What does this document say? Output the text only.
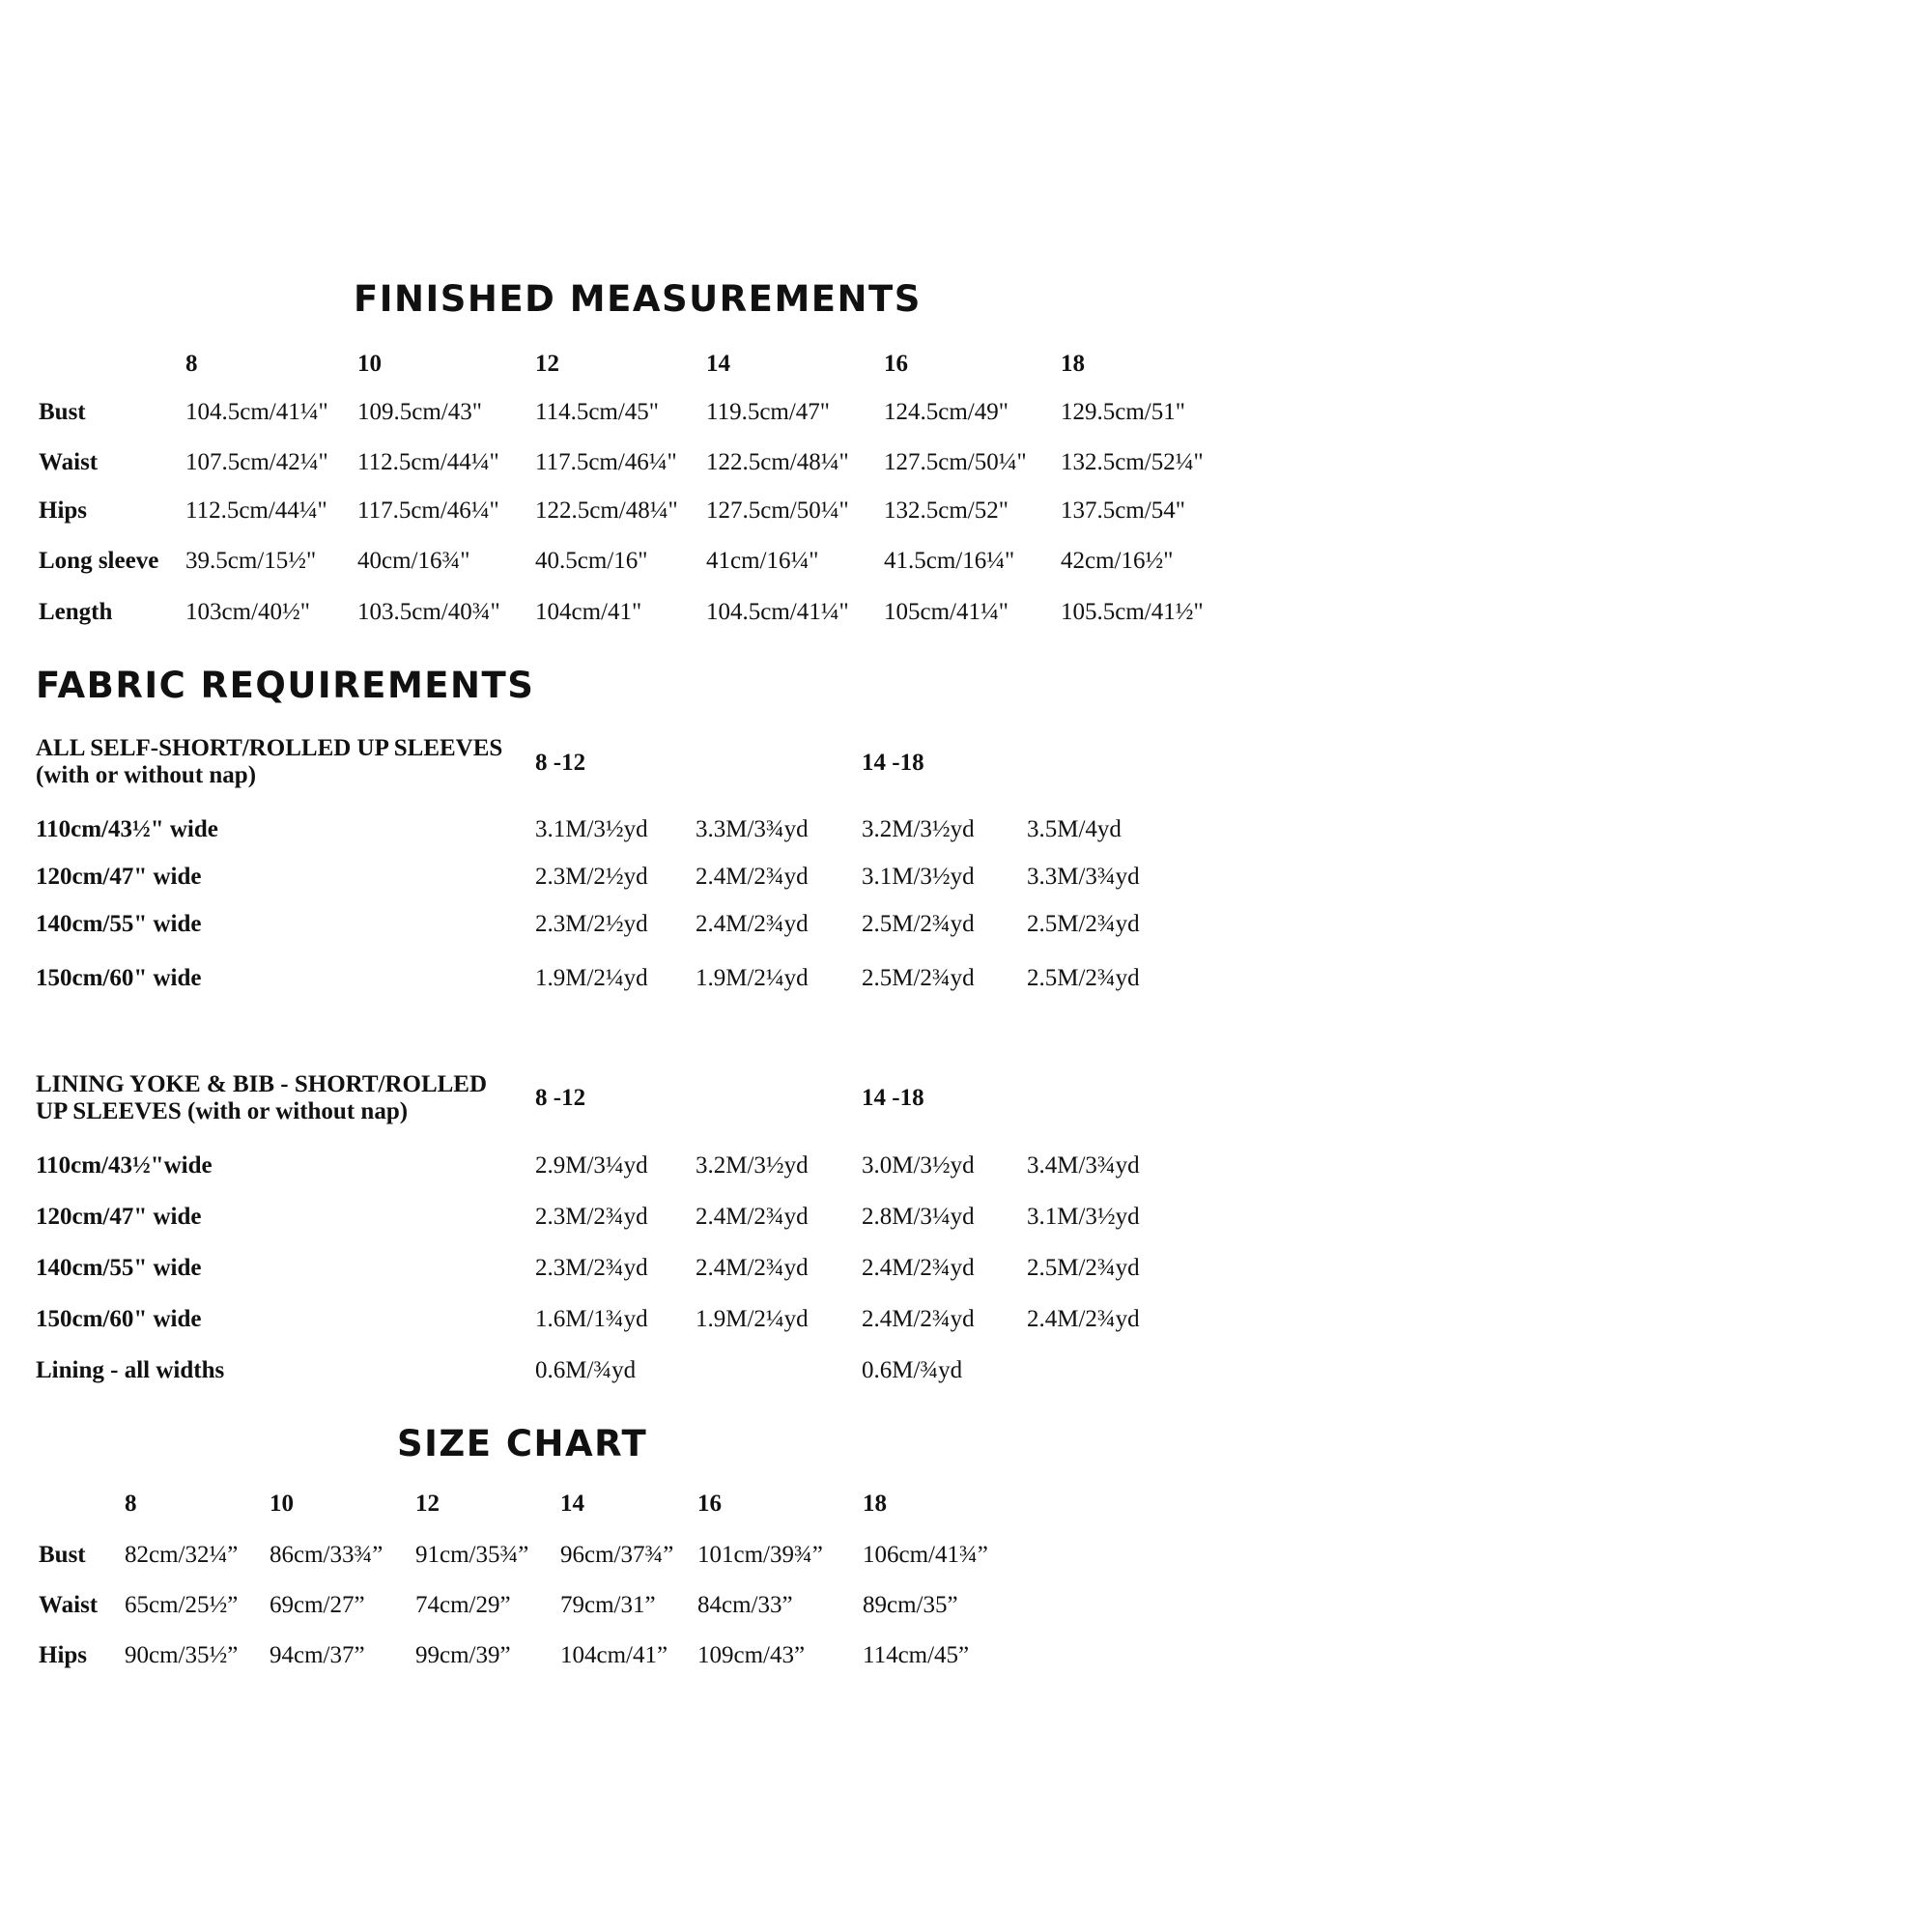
FINISHED MEASUREMENTS
8	10	12	14	16	18
Bust	104.5cm/41¼" 109.5cm/43" 114.5cm/45" 119.5cm/47" 124.5cm/49" 129.5cm/51"
Waist	107.5cm/42¼" 112.5cm/44¼" 117.5cm/46¼" 122.5cm/48¼" 127.5cm/50¼" 132.5cm/52¼"
Hips	112.5cm/44¼" 117.5cm/46¼" 122.5cm/48¼" 127.5cm/50¼" 132.5cm/52" 137.5cm/54"
Long sleeve 39.5cm/15½" 40cm/16¾"	40.5cm/16" 41cm/16¼"	41.5cm/16¼" 42cm/16½"
Length	103cm/40½" 103.5cm/40¾" 104cm/41"	104.5cm/41¼" 105cm/41¼" 105.5cm/41½"
FABRIC REQUIREMENTS
ALL SELF-SHORT/ROLLED UP SLEEVES
(with or without nap)	8 -12	14 -18
110cm/43½" wide	3.1M/3½yd 3.3M/3¾yd 3.2M/3½yd 3.5M/4yd
120cm/47" wide	2.3M/2½yd 2.4M/2¾yd 3.1M/3½yd 3.3M/3¾yd
140cm/55" wide	2.3M/2½yd 2.4M/2¾yd 2.5M/2¾yd 2.5M/2¾yd
150cm/60" wide	1.9M/2¼yd 1.9M/2¼yd 2.5M/2¾yd 2.5M/2¾yd
LINING YOKE & BIB - SHORT/ROLLED
UP SLEEVES (with or without nap)
8 -12	14 -18
110cm/43½"wide	2.9M/3¼yd 3.2M/3½yd 3.0M/3½yd 3.4M/3¾yd
120cm/47" wide	2.3M/2¾yd 2.4M/2¾yd 2.8M/3¼yd 3.1M/3½yd
140cm/55" wide	2.3M/2¾yd 2.4M/2¾yd 2.4M/2¾yd 2.5M/2¾yd
150cm/60" wide	1.6M/1¾yd 1.9M/2¼yd 2.4M/2¾yd 2.4M/2¾yd
Lining - all widths	0.6M/¾yd	0.6M/¾yd
SIZE CHART
8	10	12	14	16	18
Bust 82cm/32¼” 86cm/33¾” 91cm/35¾” 96cm/37¾” 101cm/39¾” 106cm/41¾”
Waist 65cm/25½” 69cm/27” 74cm/29” 79cm/31” 84cm/33”	89cm/35”
Hips 90cm/35½” 94cm/37” 99cm/39” 104cm/41” 109cm/43” 114cm/45”
